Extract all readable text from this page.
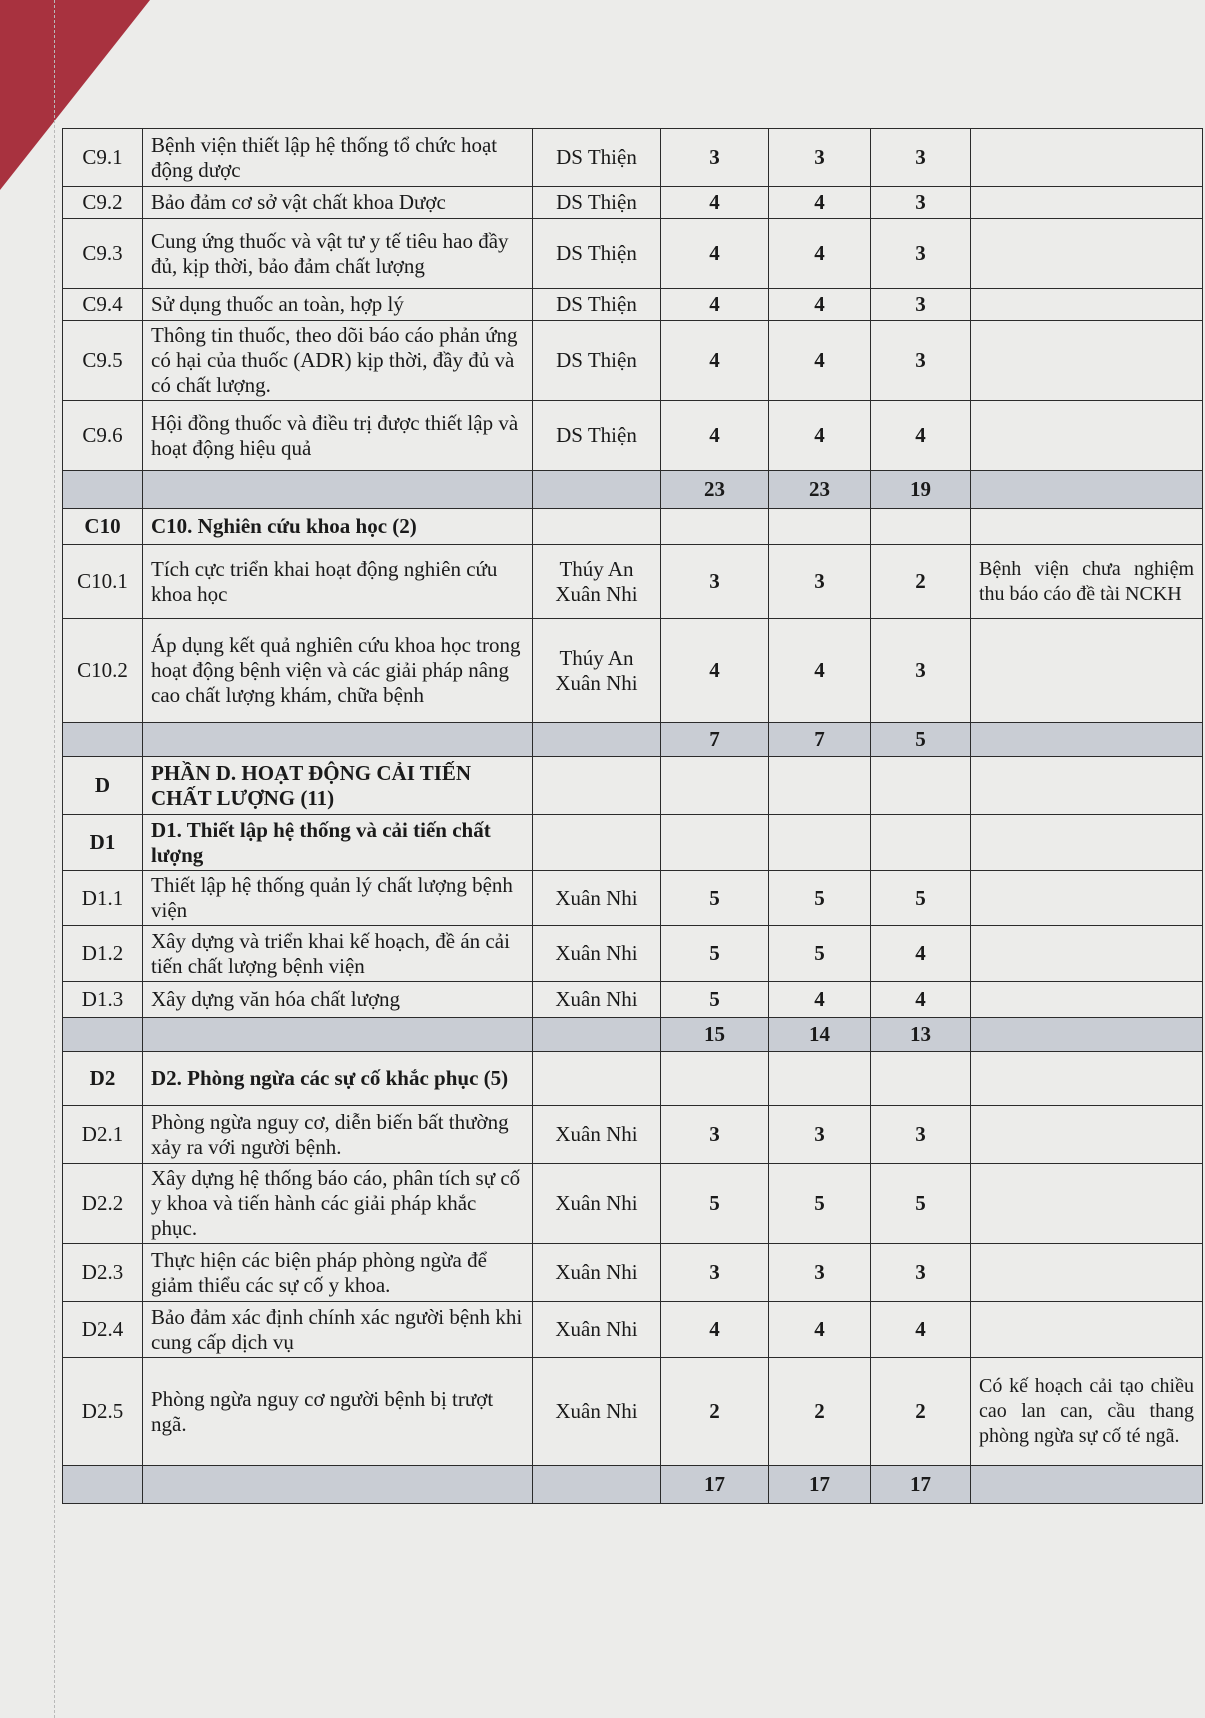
C9.1	Bệnh viện thiết lập hệ thống tổ chức hoạt động dược	DS Thiện	3	3	3	
C9.2	Bảo đảm cơ sở vật chất khoa Dược	DS Thiện	4	4	3	
C9.3	Cung ứng thuốc và vật tư y tế tiêu hao đầy đủ, kịp thời, bảo đảm chất lượng	DS Thiện	4	4	3	
C9.4	Sử dụng thuốc an toàn, hợp lý	DS Thiện	4	4	3	
C9.5	Thông tin thuốc, theo dõi báo cáo phản ứng có hại của thuốc (ADR) kịp thời, đầy đủ và có chất lượng.	DS Thiện	4	4	3	
C9.6	Hội đồng thuốc và điều trị được thiết lập và hoạt động hiệu quả	DS Thiện	4	4	4	
			23	23	19	
C10	C10. Nghiên cứu khoa học (2)					
C10.1	Tích cực triển khai hoạt động nghiên cứu khoa học	Thúy An Xuân Nhi	3	3	2	Bệnh viện chưa nghiệm thu báo cáo đề tài NCKH
C10.2	Áp dụng kết quả nghiên cứu khoa học trong hoạt động bệnh viện và các giải pháp nâng cao chất lượng khám, chữa bệnh	Thúy An Xuân Nhi	4	4	3	
			7	7	5	
D	PHẦN D. HOẠT ĐỘNG CẢI TIẾN CHẤT LƯỢNG (11)					
D1	D1. Thiết lập hệ thống và cải tiến chất lượng					
D1.1	Thiết lập hệ thống quản lý chất lượng bệnh viện	Xuân Nhi	5	5	5	
D1.2	Xây dựng và triển khai kế hoạch, đề án cải tiến chất lượng bệnh viện	Xuân Nhi	5	5	4	
D1.3	Xây dựng văn hóa chất lượng	Xuân Nhi	5	4	4	
			15	14	13	
D2	D2. Phòng ngừa các sự cố khắc phục (5)					
D2.1	Phòng ngừa nguy cơ, diễn biến bất thường xảy ra với người bệnh.	Xuân Nhi	3	3	3	
D2.2	Xây dựng hệ thống báo cáo, phân tích sự cố y khoa và tiến hành các giải pháp khắc phục.	Xuân Nhi	5	5	5	
D2.3	Thực hiện các biện pháp phòng ngừa để giảm thiểu các sự cố y khoa.	Xuân Nhi	3	3	3	
D2.4	Bảo đảm xác định chính xác người bệnh khi cung cấp dịch vụ	Xuân Nhi	4	4	4	
D2.5	Phòng ngừa nguy cơ người bệnh bị trượt ngã.	Xuân Nhi	2	2	2	Có kế hoạch cải tạo chiều cao lan can, cầu thang phòng ngừa sự cố té ngã.
			17	17	17	
